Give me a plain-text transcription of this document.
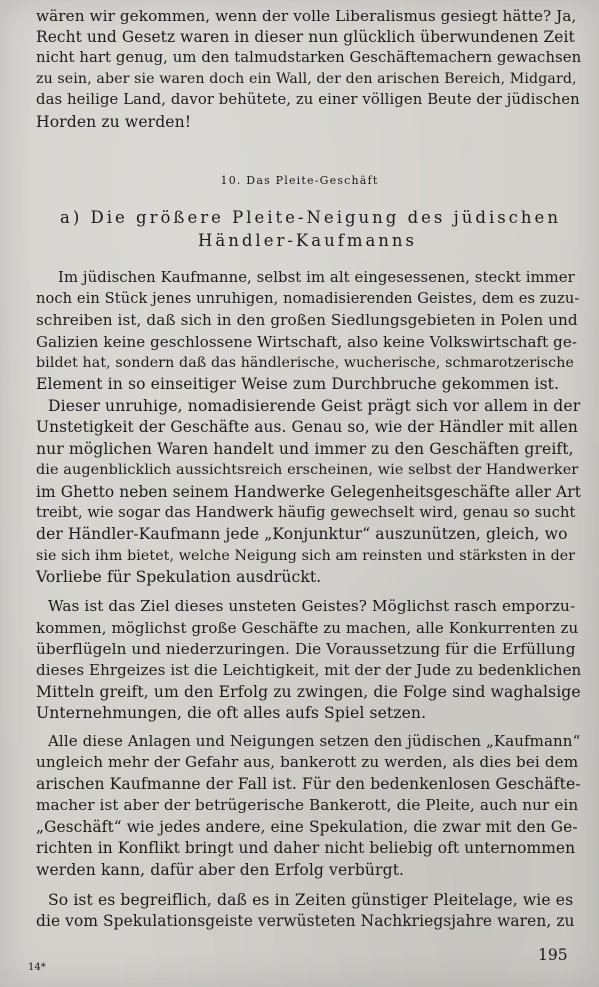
wären wir gekommen, wenn der volle Liberalismus gesiegt hätte? Ja,
Recht und Gesetz waren in dieser nun glücklich überwundenen Zeit
nicht hart genug, um den talmudstarken Geschäftemachern gewachsen
zu sein, aber sie waren doch ein Wall, der den arischen Bereich, Midgard,
das heilige Land, davor behütete, zu einer völligen Beute der jüdischen
Horden zu werden!
10. Das Pleite-Geschäft
a) Die größere Pleite-Neigung des jüdischen
Händler-Kaufmanns
Im jüdischen Kaufmanne, selbst im alt eingesessenen, steckt immer
noch ein Stück jenes unruhigen, nomadisierenden Geistes, dem es zuzu-
schreiben ist, daß sich in den großen Siedlungsgebieten in Polen und
Galizien keine geschlossene Wirtschaft, also keine Volkswirtschaft ge-
bildet hat, sondern daß das händlerische, wucherische, schmarotzerische
Element in so einseitiger Weise zum Durchbruche gekommen ist.
Dieser unruhige, nomadisierende Geist prägt sich vor allem in der
Unstetigkeit der Geschäfte aus. Genau so, wie der Händler mit allen
nur möglichen Waren handelt und immer zu den Geschäften greift,
die augenblicklich aussichtsreich erscheinen, wie selbst der Handwerker
im Ghetto neben seinem Handwerke Gelegenheitsgeschäfte aller Art
treibt, wie sogar das Handwerk häufig gewechselt wird, genau so sucht
der Händler-Kaufmann jede „Konjunktur“ auszunützen, gleich, wo
sie sich ihm bietet, welche Neigung sich am reinsten und stärksten in der
Vorliebe für Spekulation ausdrückt.
Was ist das Ziel dieses unsteten Geistes? Möglichst rasch emporzu-
kommen, möglichst große Geschäfte zu machen, alle Konkurrenten zu
überflügeln und niederzuringen. Die Voraussetzung für die Erfüllung
dieses Ehrgeizes ist die Leichtigkeit, mit der der Jude zu bedenklichen
Mitteln greift, um den Erfolg zu zwingen, die Folge sind waghalsige
Unternehmungen, die oft alles aufs Spiel setzen.
Alle diese Anlagen und Neigungen setzen den jüdischen „Kaufmann“
ungleich mehr der Gefahr aus, bankerott zu werden, als dies bei dem
arischen Kaufmanne der Fall ist. Für den bedenkenlosen Geschäfte-
macher ist aber der betrügerische Bankerott, die Pleite, auch nur ein
„Geschäft“ wie jedes andere, eine Spekulation, die zwar mit den Ge-
richten in Konflikt bringt und daher nicht beliebig oft unternommen
werden kann, dafür aber den Erfolg verbürgt.
So ist es begreiflich, daß es in Zeiten günstiger Pleitelage, wie es
die vom Spekulationsgeiste verwüsteten Nachkriegsjahre waren, zu
195
14*
